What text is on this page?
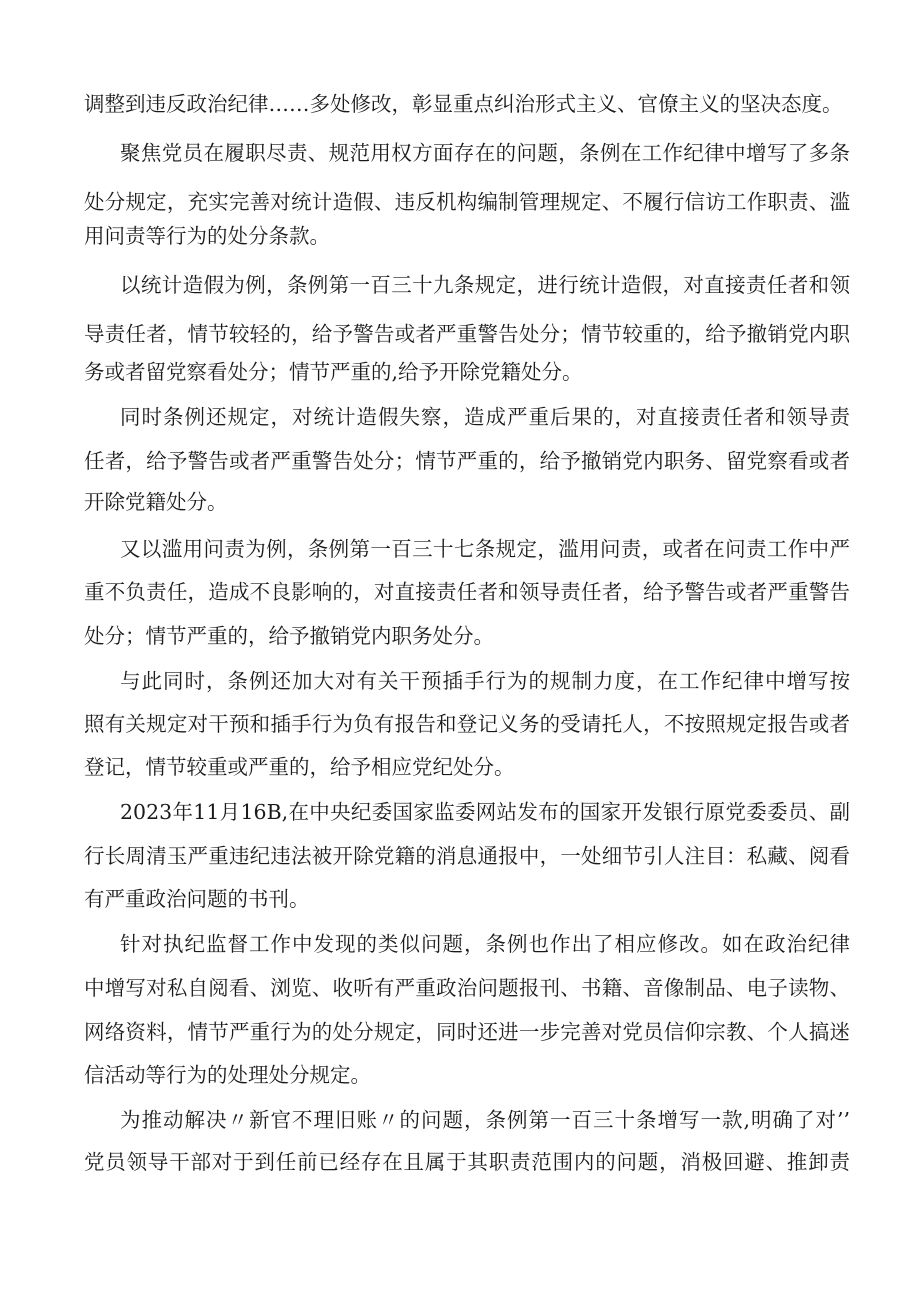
调整到违反政治纪律……多处修改，彰显重点纠治形式主义、官僚主义的坚决态度。
聚焦党员在履职尽责、规范用权方面存在的问题，条例在工作纪律中增写了多条
处分规定，充实完善对统计造假、违反机构编制管理规定、不履行信访工作职责、滥
用问责等行为的处分条款。
以统计造假为例，条例第一百三十九条规定，进行统计造假，对直接责任者和领
导责任者，情节较轻的，给予警告或者严重警告处分；情节较重的，给予撤销党内职
务或者留党察看处分；情节严重的,给予开除党籍处分。
同时条例还规定，对统计造假失察，造成严重后果的，对直接责任者和领导责
任者，给予警告或者严重警告处分；情节严重的，给予撤销党内职务、留党察看或者
开除党籍处分。
又以滥用问责为例，条例第一百三十七条规定，滥用问责，或者在问责工作中严
重不负责任，造成不良影响的，对直接责任者和领导责任者，给予警告或者严重警告
处分；情节严重的，给予撤销党内职务处分。
与此同时，条例还加大对有关干预插手行为的规制力度，在工作纪律中增写按
照有关规定对干预和插手行为负有报告和登记义务的受请托人，不按照规定报告或者
登记，情节较重或严重的，给予相应党纪处分。
2023年11月16B,在中央纪委国家监委网站发布的国家开发银行原党委委员、副
行长周清玉严重违纪违法被开除党籍的消息通报中，一处细节引人注目：私藏、阅看
有严重政治问题的书刊。
针对执纪监督工作中发现的类似问题，条例也作出了相应修改。如在政治纪律
中增写对私自阅看、浏览、收听有严重政治问题报刊、书籍、音像制品、电子读物、
网络资料，情节严重行为的处分规定，同时还进一步完善对党员信仰宗教、个人搞迷
信活动等行为的处理处分规定。
为推动解决〃新官不理旧账〃的问题，条例第一百三十条增写一款,明确了对’’
党员领导干部对于到任前已经存在且属于其职责范围内的问题，消极回避、推卸责
